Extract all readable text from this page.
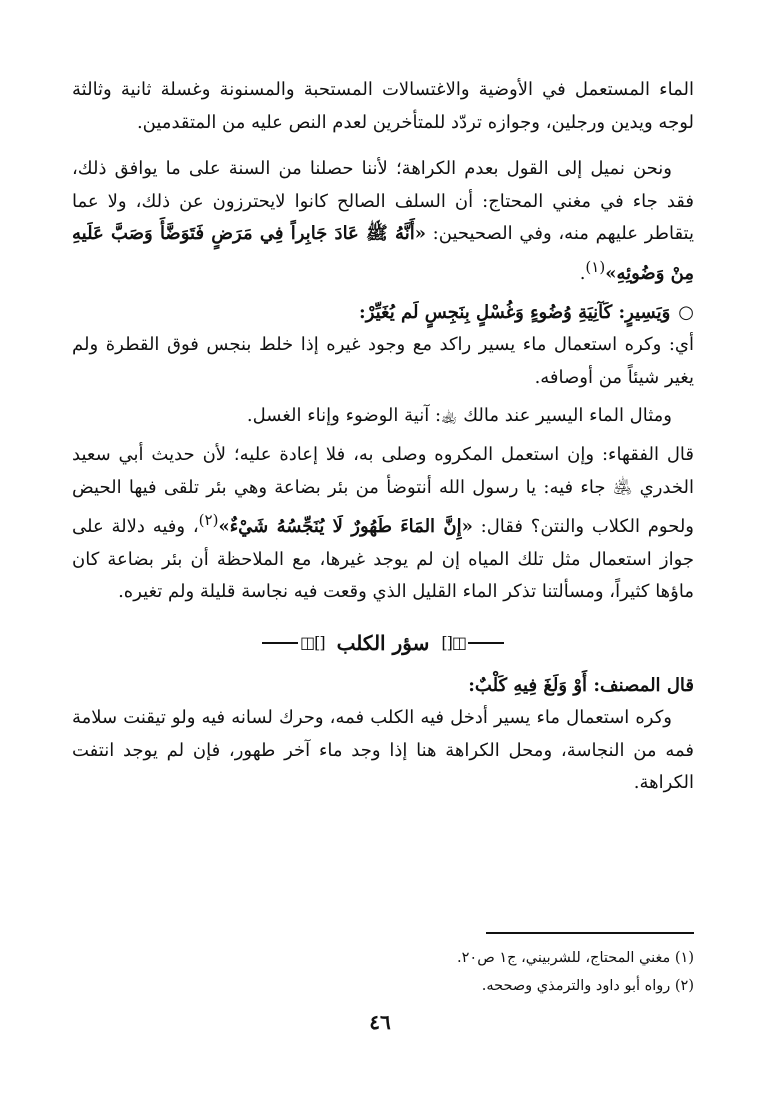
الماء المستعمل في الأوضية والاغتسالات المستحبة والمسنونة وغسلة ثانية وثالثة لوجه ويدين ورجلين، وجوازه تردّد للمتأخرين لعدم النص عليه من المتقدمين.

ونحن نميل إلى القول بعدم الكراهة؛ لأننا حصلنا من السنة على ما يوافق ذلك، فقد جاء في مغني المحتاج: أن السلف الصالح كانوا لايحترزون عن ذلك، ولا عما يتقاطر عليهم منه، وفي الصحيحين: «أَنَّهُ ﷺ عَادَ جَابِراً فِي مَرَضٍ فَتَوَضَّأَ وَصَبَّ عَلَيهِ مِنْ وَضُوئِهِ»$^{(١)}$.

○وَيَسِيرٍ: كَآنِيَةِ وُضُوءٍ وَغُسْلٍ بِنَجِسٍ لَم يُغَيِّرْ:

أي: وكره استعمال ماء يسير راكد مع وجود غيره إذا خلط بنجس فوق القطرة ولم يغير شيئاً من أوصافه.

ومثال الماء اليسير عند مالك ﵀: آنية الوضوء وإناء الغسل.

قال الفقهاء: وإن استعمل المكروه وصلى به، فلا إعادة عليه؛ لأن حديث أبي سعيد الخدري ﵁ جاء فيه: يا رسول الله أنتوضأ من بئر بضاعة وهي بئر تلقى فيها الحيض ولحوم الكلاب والنتن؟ فقال: «إِنَّ المَاءَ طَهُورٌ لَا يُنَجِّسُهُ شَيْءٌ»$^{(٢)}$، وفيه دلالة على جواز استعمال مثل تلك المياه إن لم يوجد غيرها، مع الملاحظة أن بئر بضاعة كان ماؤها كثيراً، ومسألتنا تذكر الماء القليل الذي وقعت فيه نجاسة قليلة ولم تغيره.

◫[] سؤر الكلب []◫

قال المصنف: أَوْ وَلَغَ فِيهِ كَلْبٌ:

وكره استعمال ماء يسير أدخل فيه الكلب فمه، وحرك لسانه فيه ولو تيقنت سلامة فمه من النجاسة، ومحل الكراهة هنا إذا وجد ماء آخر طهور، فإن لم يوجد انتفت الكراهة.

(١) مغني المحتاج، للشربيني، ج١ ص٢٠.

(٢) رواه أبو داود والترمذي وصححه.

٤٦
